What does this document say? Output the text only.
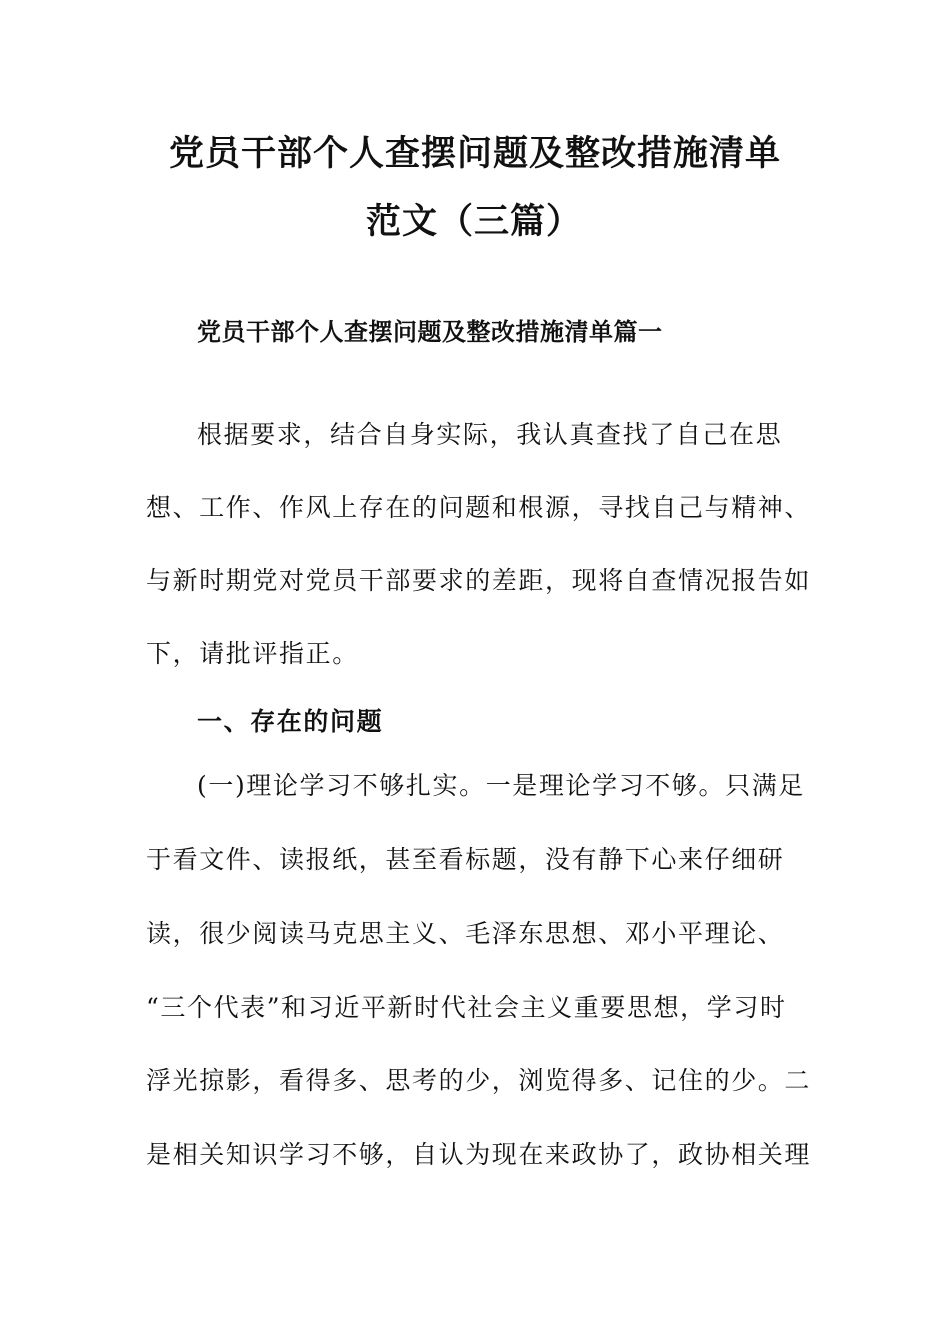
党员干部个人查摆问题及整改措施清单
范文（三篇）
党员干部个人查摆问题及整改措施清单篇一

根据要求，结合自身实际，我认真查找了自己在思

想、工作、作风上存在的问题和根源，寻找自己与精神、

与新时期党对党员干部要求的差距，现将自查情况报告如

下，请批评指正。

一、存在的问题

(一)理论学习不够扎实。一是理论学习不够。只满足

于看文件、读报纸，甚至看标题，没有静下心来仔细研

读，很少阅读马克思主义、毛泽东思想、邓小平理论、

“三个代表”和习近平新时代社会主义重要思想，学习时

浮光掠影，看得多、思考的少，浏览得多、记住的少。二

是相关知识学习不够，自认为现在来政协了，政协相关理
